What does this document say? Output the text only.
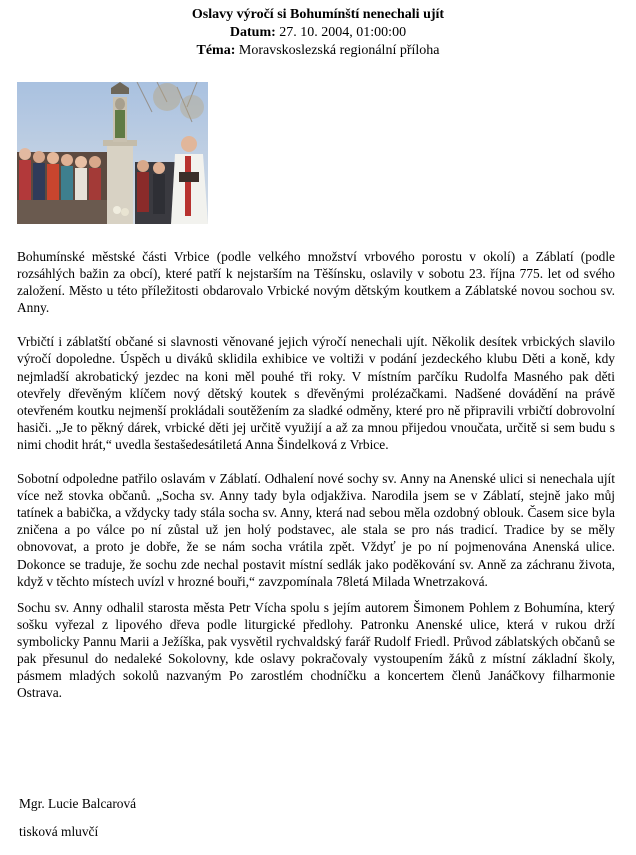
Oslavy výročí si Bohumínští nenechali ujít
Datum: 27. 10. 2004, 01:00:00
Téma: Moravskoslezská regionální příloha

Bohumínské městské části Vrbice (podle velkého množství vrbového porostu v okolí) a Záblatí (podle rozsáhlých bažin za obcí), které patří k nejstarším na Těšínsku, oslavily v sobotu 23. října 775. let od svého založení. Město u této příležitosti obdarovalo Vrbické novým dětským koutkem a Záblatské novou sochou sv. Anny.

Vrbičtí i záblatští občané si slavnosti věnované jejich výročí nenechali ujít. Několik desítek vrbických slavilo výročí dopoledne. Úspěch u diváků sklidila exhibice ve voltiži v podání jezdeckého klubu Děti a koně, kdy nejmladší akrobatický jezdec na koni měl pouhé tři roky. V místním parčíku Rudolfa Masného pak děti otevřely dřevěným klíčem nový dětský koutek s dřevěnými prolézačkami. Nadšené dovádění na právě otevřeném koutku nejmenší prokládali soutěžením za sladké odměny, které pro ně připravili vrbičtí dobrovolní hasiči. „Je to pěkný dárek, vrbické děti jej určitě využijí a až za mnou přijedou vnoučata, určitě si sem budu s nimi chodit hrát,“ uvedla šestašedesátiletá Anna Šindelková z Vrbice.

Sobotní odpoledne patřilo oslavám v Záblatí. Odhalení nové sochy sv. Anny na Anenské ulici si nenechala ujít více než stovka občanů. „Socha sv. Anny tady byla odjakživa. Narodila jsem se v Záblatí, stejně jako můj tatínek a babička, a vždycky tady stála socha sv. Anny, která nad sebou měla ozdobný oblouk. Časem sice byla zničena a po válce po ní zůstal už jen holý podstavec, ale stala se pro nás tradicí. Tradice by se měly obnovovat, a proto je dobře, že se nám socha vrátila zpět. Vždyť je po ní pojmenována Anenská ulice. Dokonce se traduje, že sochu zde nechal postavit místní sedlák jako poděkování sv. Anně za záchranu života, když v těchto místech uvízl v hrozné bouři,“ zavzpomínala 78letá Milada Wnetrzaková.

Sochu sv. Anny odhalil starosta města Petr Vícha spolu s jejím autorem Šimonem Pohlem z Bohumína, který sošku vyřezal z lipového dřeva podle liturgické předlohy. Patronku Anenské ulice, která v rukou drží symbolicky Pannu Marii a Ježíška, pak vysvětil rychvaldský farář Rudolf Friedl. Průvod záblatských občanů se pak přesunul do nedaleké Sokolovny, kde oslavy pokračovaly vystoupením žáků z místní základní školy, pásmem mladých sokolů nazvaným Po zarostlém chodníčku a koncertem členů Janáčkovy filharmonie Ostrava.

Mgr. Lucie Balcarová
tisková mluvčí
